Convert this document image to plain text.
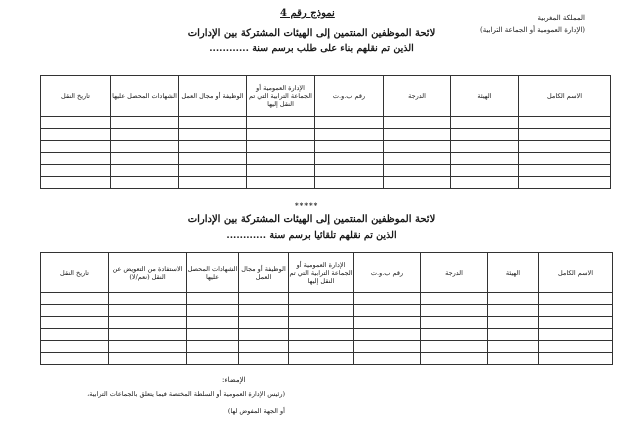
المملكة المغربية
(الإدارة العمومية أو الجماعة الترابية)
نموذج رقم 4
لائحة الموظفين المنتمين إلى الهيئات المشتركة بين الإدارات
الذين تم نقلهم بناء على طلب برسم سنة ............
الاسم الكامل	الهيئة	الدرجة	رقم ب.و.ت	الإدارة العمومية أو الجماعة الترابية التي تم النقل إليها	الوظيفة أو مجال العمل	الشهادات المحصل عليها	تاريخ النقل

*****
لائحة الموظفين المنتمين إلى الهيئات المشتركة بين الإدارات
الذين تم نقلهم تلقائيا برسم سنة ............
الاسم الكامل	الهيئة	الدرجة	رقم ب.و.ت	الإدارة العمومية أو الجماعة الترابية التي تم النقل إليها	الوظيفة أو مجال العمل	الشهادات المحصل عليها	الاستفادة من التعويض عن النقل (نعم/لا)	تاريخ النقل

الإمضاء:
(رئيس الإدارة العمومية أو السلطة المختصة فيما يتعلق بالجماعات الترابية،
أو الجهة المفوض لها)
